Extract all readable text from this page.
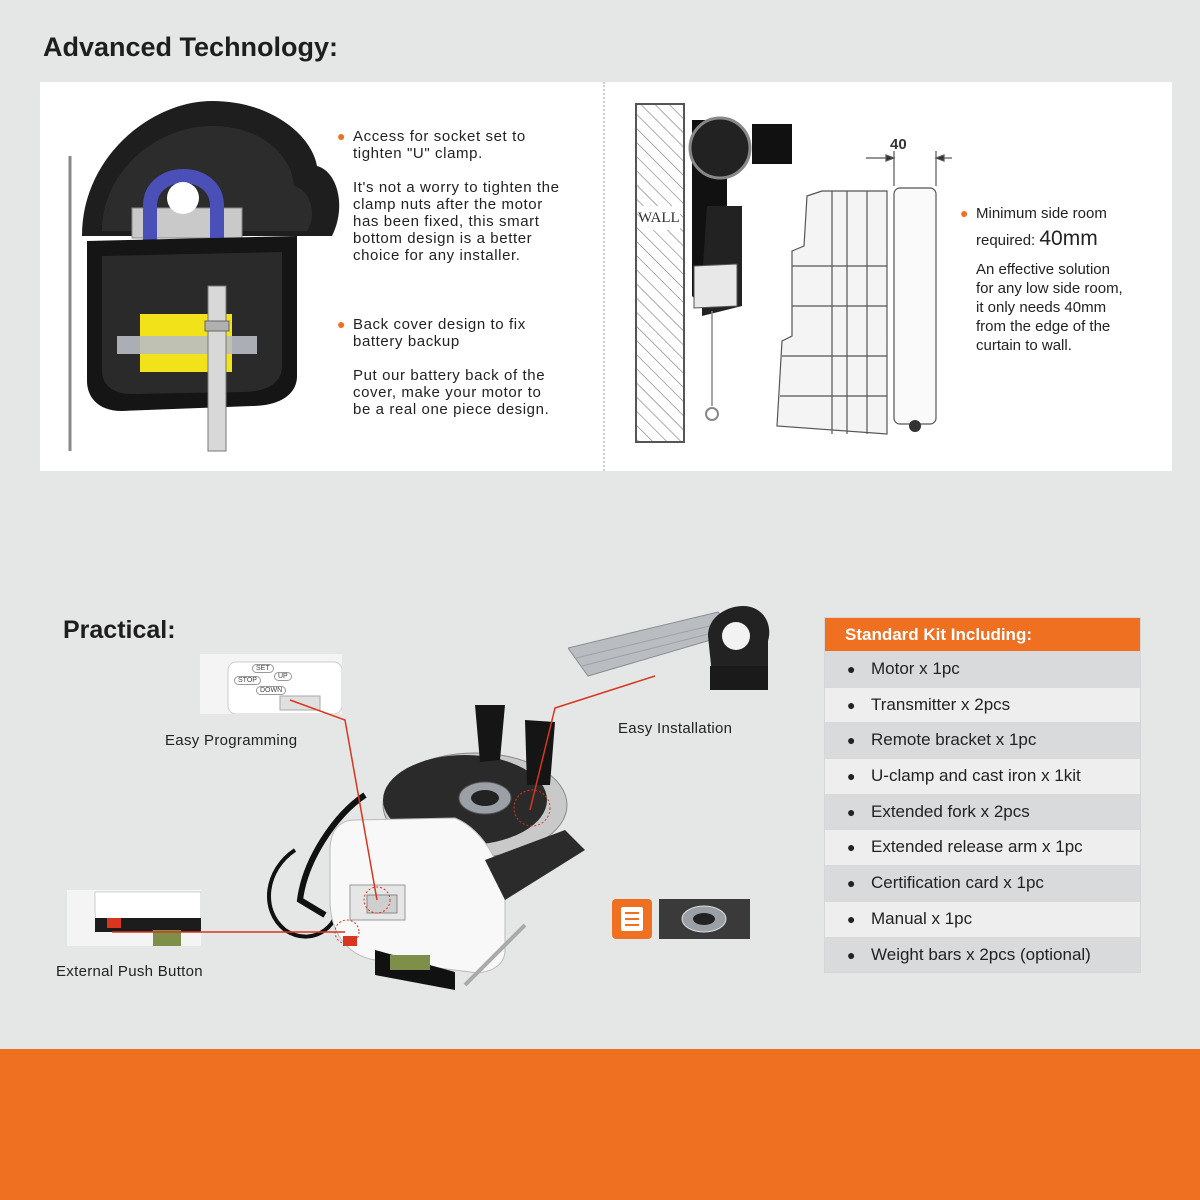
Advanced Technology:
● Access for socket set to

tighten "U" clamp.

It's not a worry to tighten the

clamp nuts after the motor

has been fixed, this smart

bottom design is a better

choice for any installer.

● Back cover design to fix

battery backup

Put our battery back of the

cover, make your motor to

be a real one piece design.

WALL
40
● Minimum side room
required: 40mm
An effective solution
for any low side room,
it only needs 40mm
from the edge of the
curtain to wall.
Practical:
SET
UP
STOP
DOWN
Easy Programming
External Push Button
Easy Installation
Standard Kit Including:
● Motor x 1pc
● Transmitter x 2pcs
● Remote bracket x 1pc
● U-clamp and cast iron x 1kit
● Extended fork x 2pcs
● Extended release arm x 1pc
● Certification card x 1pc
● Manual x 1pc
● Weight bars x 2pcs (optional)
